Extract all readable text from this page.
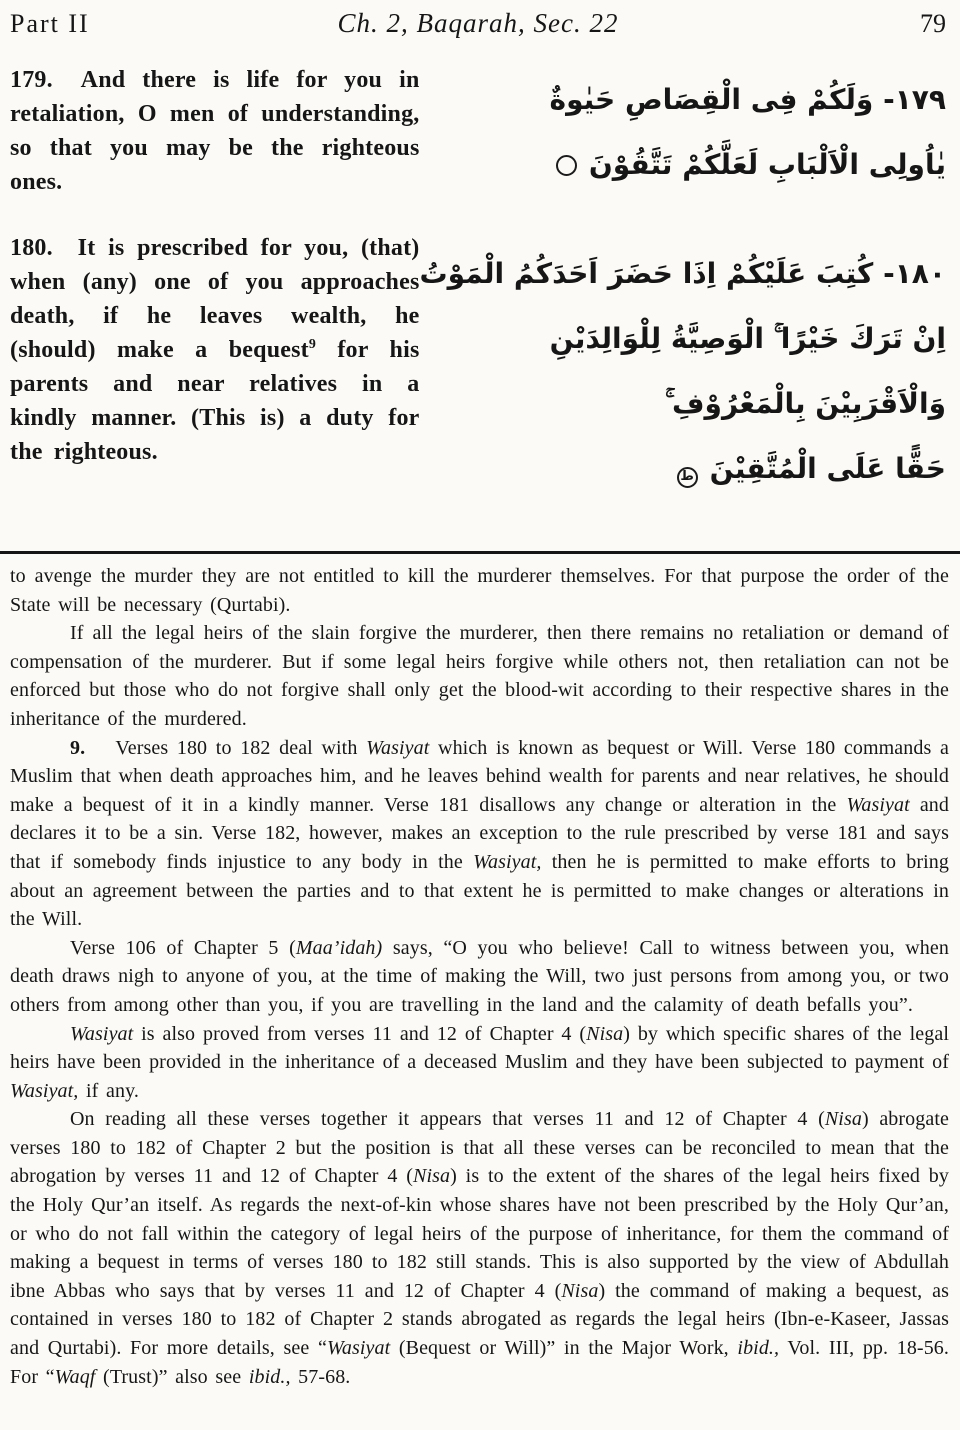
Part II	Ch. 2, Baqarah, Sec. 22	79

179.  And there is life for you in retaliation, O men of understanding, so that you may be the righteous ones.

180.  It is prescribed for you, (that) when (any) one of you approaches death, if he leaves wealth, he (should) make a bequest$^9$ for his parents and near relatives in a kindly manner. (This is) a duty for the righteous.

١٧٩- وَلَكُمْ فِى الْقِصَاصِ حَيٰوةٌ
يٰاُولِى الْاَلْبَابِ لَعَلَّكُمْ تَتَّقُوْنَ
١٨٠- كُتِبَ عَلَيْكُمْ اِذَا حَضَرَ اَحَدَكُمُ الْمَوْتُ
اِنْ تَرَكَ خَيْرًا ۚ الْوَصِيَّةُ لِلْوَالِدَيْنِ
وَالْاَقْرَبِيْنَ بِالْمَعْرُوْفِ ۚ
حَقًّا عَلَى الْمُتَّقِيْنَط

to avenge the murder they are not entitled to kill the murderer themselves. For that purpose the order of the State will be necessary (Qurtabi).

If all the legal heirs of the slain forgive the murderer, then there remains no retaliation or demand of compensation of the murderer. But if some legal heirs forgive while others not, then retaliation can not be enforced but those who do not forgive shall only get the blood-wit according to their respective shares in the inheritance of the murdered.

9.  Verses 180 to 182 deal with Wasiyat which is known as bequest or Will. Verse 180 commands a Muslim that when death approaches him, and he leaves behind wealth for parents and near relatives, he should make a bequest of it in a kindly manner. Verse 181 disallows any change or alteration in the Wasiyat and declares it to be a sin. Verse 182, however, makes an exception to the rule prescribed by verse 181 and says that if somebody finds injustice to any body in the Wasiyat, then he is permitted to make efforts to bring about an agreement between the parties and to that extent he is permitted to make changes or alterations in the Will.

Verse 106 of Chapter 5 (Maa’idah) says, “O you who believe! Call to witness between you, when death draws nigh to anyone of you, at the time of making the Will, two just persons from among you, or two others from among other than you, if you are travelling in the land and the calamity of death befalls you”.

Wasiyat is also proved from verses 11 and 12 of Chapter 4 (Nisa) by which specific shares of the legal heirs have been provided in the inheritance of a deceased Muslim and they have been subjected to payment of Wasiyat, if any.

On reading all these verses together it appears that verses 11 and 12 of Chapter 4 (Nisa) abrogate verses 180 to 182 of Chapter 2 but the position is that all these verses can be reconciled to mean that the abrogation by verses 11 and 12 of Chapter 4 (Nisa) is to the extent of the shares of the legal heirs fixed by the Holy Qur’an itself. As regards the next-of-kin whose shares have not been prescribed by the Holy Qur’an, or who do not fall within the category of legal heirs of the purpose of inheritance, for them the command of making a bequest in terms of verses 180 to 182 still stands. This is also supported by the view of Abdullah ibne Abbas who says that by verses 11 and 12 of Chapter 4 (Nisa) the command of making a bequest, as contained in verses 180 to 182 of Chapter 2 stands abrogated as regards the legal heirs (Ibn-e-Kaseer, Jassas and Qurtabi). For more details, see “Wasiyat (Bequest or Will)” in the Major Work, ibid., Vol. III, pp. 18-56. For “Waqf (Trust)” also see ibid., 57-68.
